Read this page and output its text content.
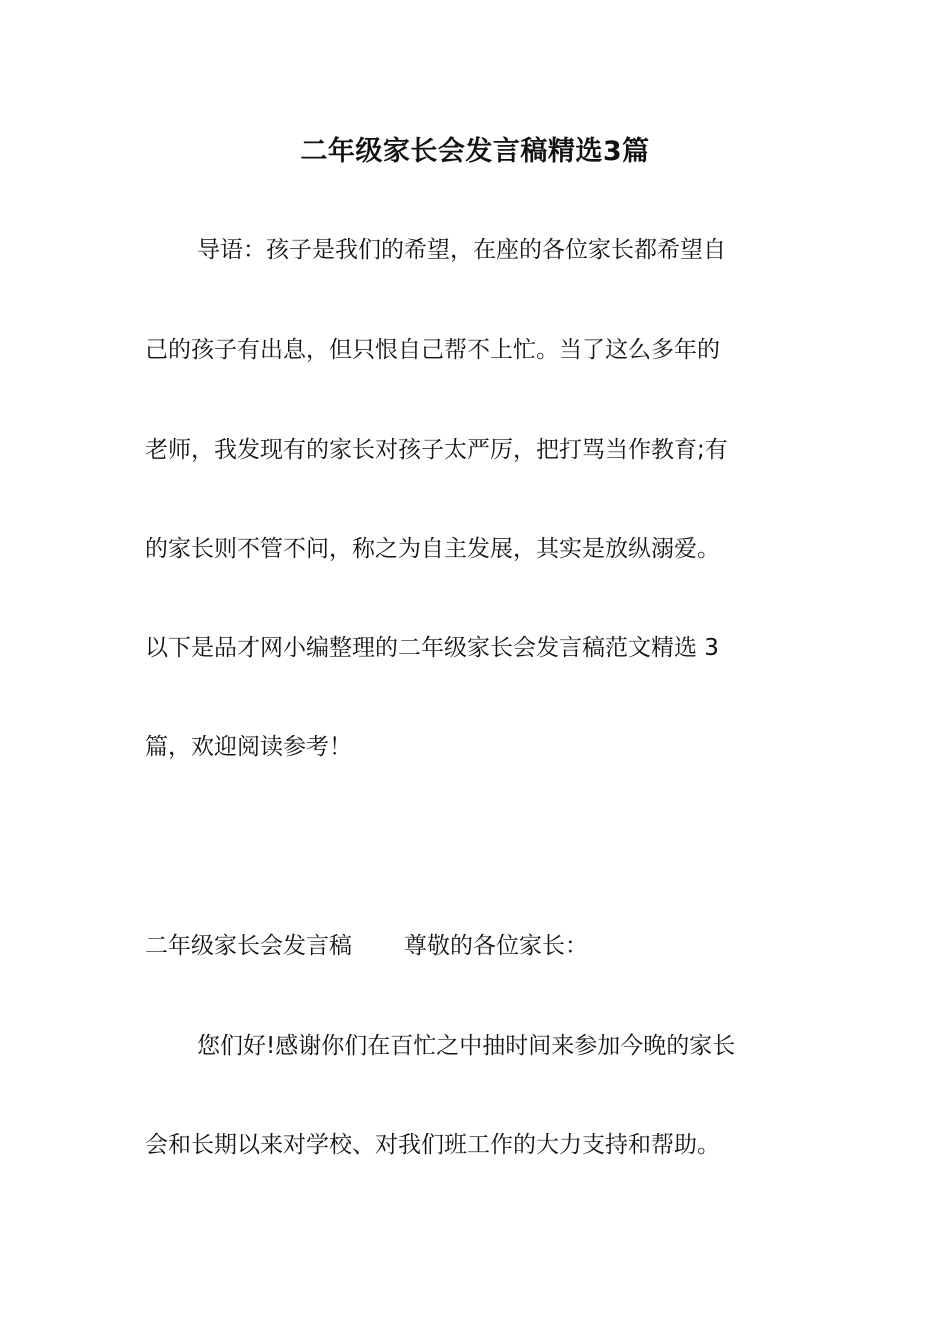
二年级家长会发言稿精选3篇
导语：孩子是我们的希望，在座的各位家长都希望自
己的孩子有出息，但只恨自己帮不上忙。当了这么多年的
老师，我发现有的家长对孩子太严厉，把打骂当作教育;有
的家长则不管不问，称之为自主发展，其实是放纵溺爱。
以下是品才网小编整理的二年级家长会发言稿范文精选 3
篇，欢迎阅读参考！
二年级家长会发言稿 尊敬的各位家长：
您们好!感谢你们在百忙之中抽时间来参加今晚的家长
会和长期以来对学校、对我们班工作的大力支持和帮助。
